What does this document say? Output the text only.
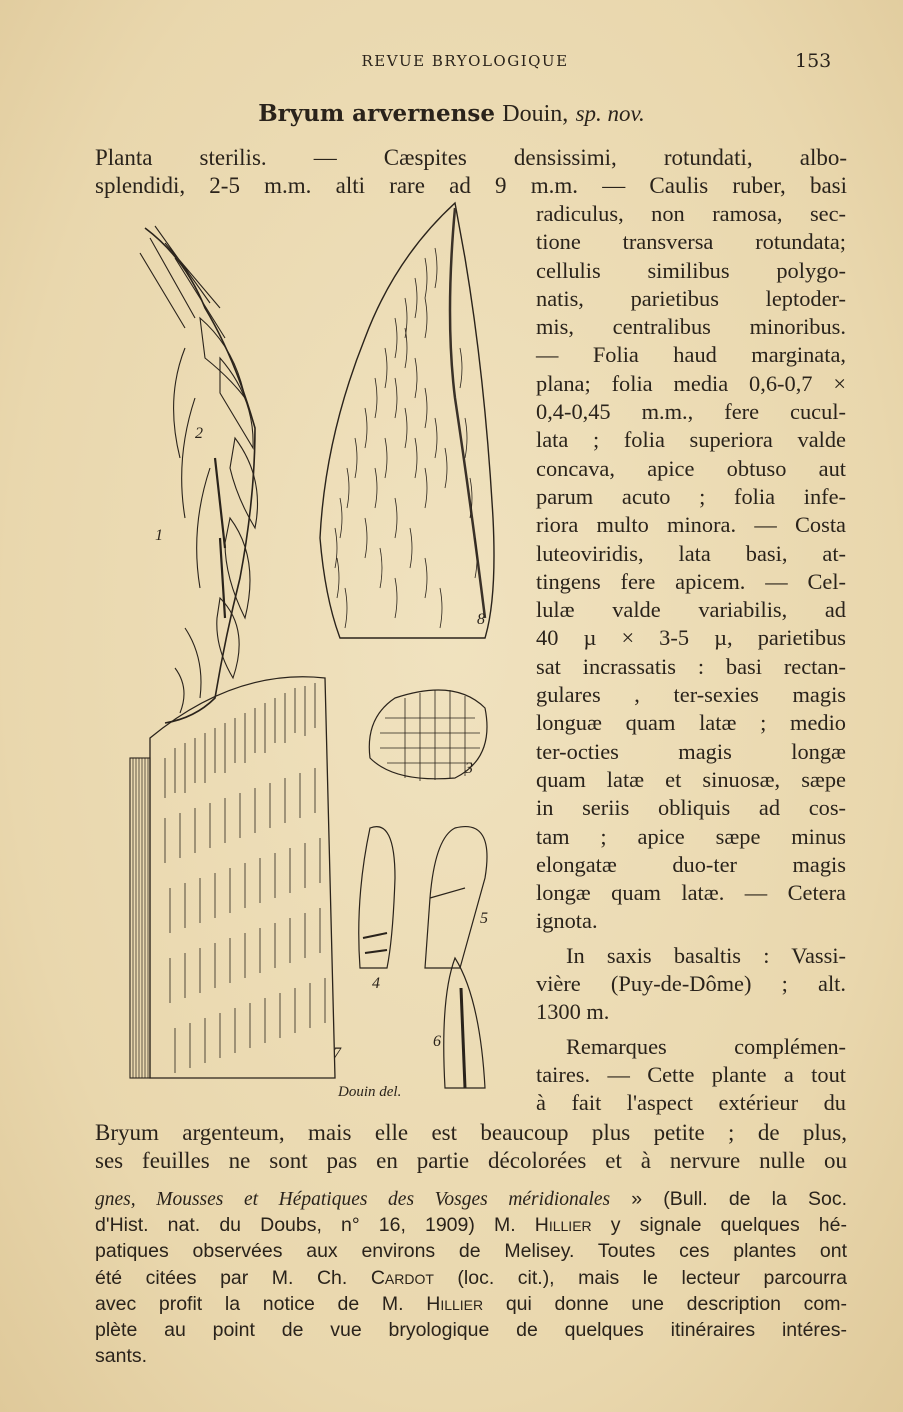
REVUE BRYOLOGIQUE	153
Bryum arvernense Douin, sp. nov.
Planta sterilis. — Cæspites densissimi, rotundati, albo-
splendidi, 2-5 m.m. alti rare ad 9 m.m. — Caulis ruber, basi
radiculus, non ramosa, sec-
tione transversa rotundata;
cellulis similibus polygo-
natis, parietibus leptoder-
mis, centralibus minoribus.
— Folia haud marginata,
plana; folia media 0,6-0,7 ×
0,4-0,45 m.m., fere cucul-
lata ; folia superiora valde
concava, apice obtuso aut
parum acuto ; folia infe-
riora multo minora. — Costa
luteoviridis, lata basi, at-
tingens fere apicem. — Cel-
lulæ valde variabilis, ad
40 µ × 3-5 µ, parietibus
sat incrassatis : basi rectan-
gulares , ter-sexies magis
longuæ quam latæ ; medio
ter-octies magis longæ
quam latæ et sinuosæ, sæpe
in seriis obliquis ad cos-
tam ; apice sæpe minus
elongatæ duo-ter magis
longæ quam latæ. — Cetera
ignota.
In saxis basaltis : Vassi-
vière (Puy-de-Dôme) ; alt.
1300 m.
Remarques complémen-
taires. — Cette plante a tout
à fait l'aspect extérieur du
Bryum argenteum, mais elle est beaucoup plus petite ; de plus,
ses feuilles ne sont pas en partie décolorées et à nervure nulle ou
1
2
3
4
5
6
7
8
Douin del.
gnes, Mousses et Hépatiques des Vosges méridionales » (Bull. de la Soc.
d'Hist. nat. du Doubs, n° 16, 1909) M. Hillier y signale quelques hé-
patiques observées aux environs de Melisey. Toutes ces plantes ont
été citées par M. Ch. Cardot (loc. cit.), mais le lecteur parcourra
avec profit la notice de M. Hillier qui donne une description com-
plète au point de vue bryologique de quelques itinéraires intéres-
sants.
